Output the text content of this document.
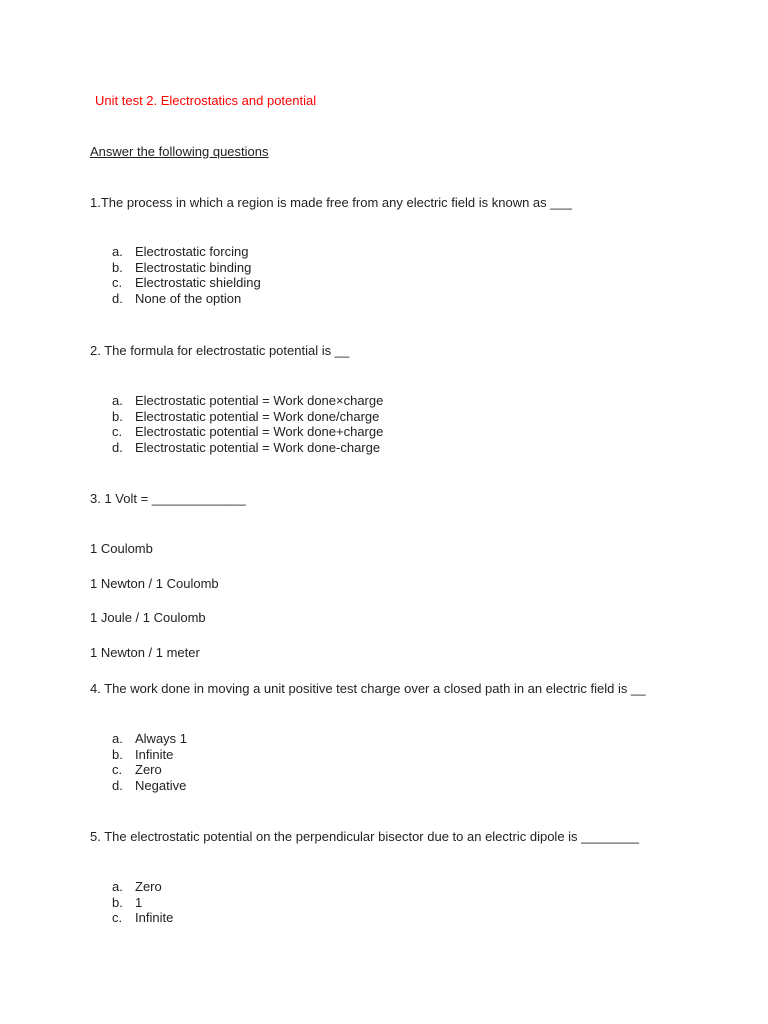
Unit test 2. Electrostatics and potential
Answer the following questions
1.The process in which a region is made free from any electric field is known as ___
a. Electrostatic forcing
b. Electrostatic binding
c. Electrostatic shielding
d. None of the option
2. The formula for electrostatic potential is __
a. Electrostatic potential = Work done×charge
b. Electrostatic potential = Work done/charge
c. Electrostatic potential = Work done+charge
d. Electrostatic potential = Work done-charge
3. 1 Volt = _____________
1 Coulomb
1 Newton / 1 Coulomb
1 Joule / 1 Coulomb
1 Newton / 1 meter
4. The work done in moving a unit positive test charge over a closed path in an electric field is __
a. Always 1
b. Infinite
c. Zero
d. Negative
5. The electrostatic potential on the perpendicular bisector due to an electric dipole is ________
a. Zero
b. 1
c. Infinite
